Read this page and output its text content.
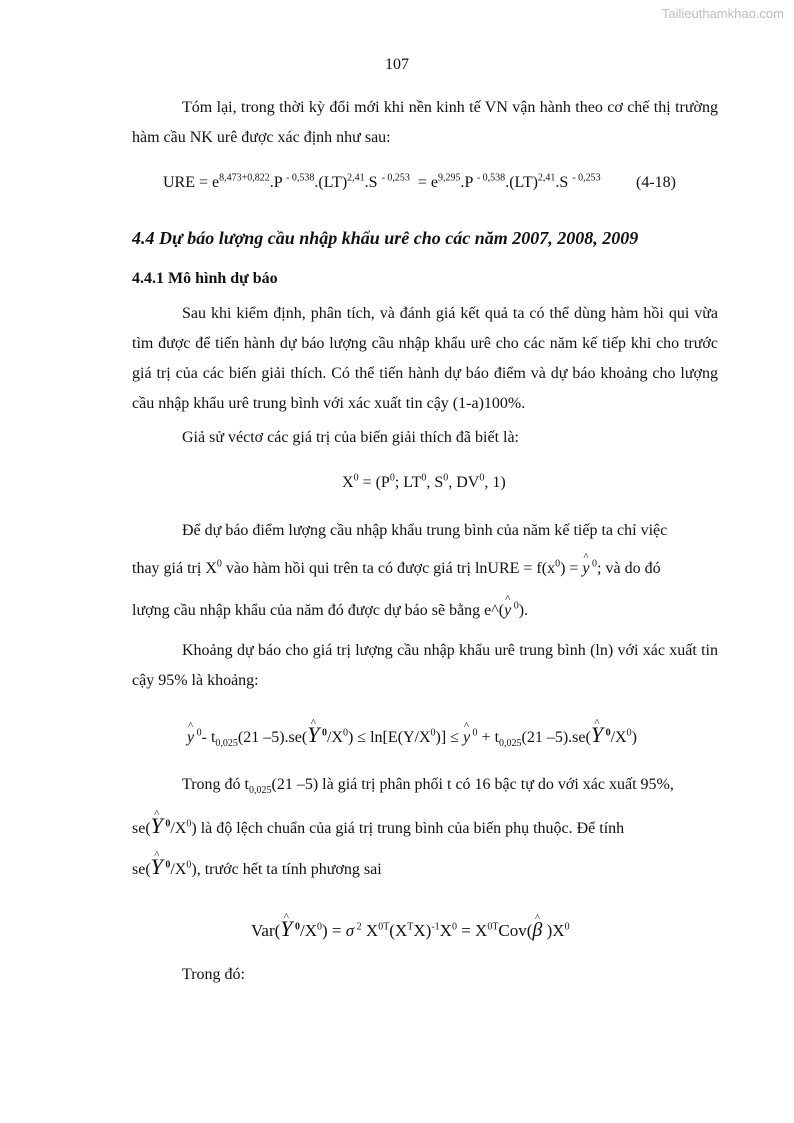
Tailieuthamkhao.com
107
Tóm lại, trong thời kỳ đổi mới khi nền kinh tế VN vận hành theo cơ chế thị trường hàm cầu NK urê được xác định như sau:
URE = $e^{8,473+0,822}.P$ $^{- 0,538}$.(LT)$^{2,41}$.S $^{- 0,253} = e^{9,295}.P$ $^{- 0,538}$.(LT)$^{2,41}$.S $^{- 0,253}$ (4-18)
4.4 Dự báo lượng cầu nhập khẩu urê cho các năm 2007, 2008, 2009
4.4.1 Mô hình dự báo
Sau khi kiểm định, phân tích, và đánh giá kết quả ta có thể dùng hàm hồi qui vừa tìm được để tiến hành dự báo lượng cầu nhập khẩu urê cho các năm kế tiếp khi cho trước giá trị của các biến giải thích. Có thể tiến hành dự báo điểm và dự báo khoảng cho lượng cầu nhập khẩu urê trung bình với xác xuất tin cậy (1-a)100%.
Giả sử véctơ các giá trị của biến giải thích đã biết là:
$X^0 = (P^0$; $LT^0$, $S^0$, $DV^0$, 1)
Để dự báo điểm lượng cầu nhập khẩu trung bình của năm kế tiếp ta chỉ việc
thay giá trị $X^0$ vào hàm hồi qui trên ta có được giá trị lnURE = $f(x^0)$ = ^ y $^0$; và do đó
lượng cầu nhập khẩu của năm đó được dự báo sẽ bằng e^(^ y $^0$).
Khoảng dự báo cho giá trị lượng cầu nhập khẩu urê trung bình (ln) với xác xuất tin cậy 95% là khoảng:
^ y $^0$- $t_{0,025}(21$ –5).se(^ Y $^0/X^0) \le \ln[E(Y/X^0)]$ ≤ ^ y $^0 + t_{0,025}(21$ –5).se(^ Y $^0/X^0$)
Trong đó $t_{0,025}(21$ –5) là giá trị phân phối t có 16 bậc tự do với xác xuất 95%,
se(^ Y $^0/X^0$) là độ lệch chuẩn của giá trị trung bình của biến phụ thuộc. Để tính
se(^ Y $^0/X^0$), trước hết ta tính phương sai
Var(^ Y $^0/X^0) = \sigma$ $^2$ $X^{0T}(X^TX)^{-1}X^0$ = $X^{0T}Cov(\^{}$ β )$X^0$
Trong đó:
